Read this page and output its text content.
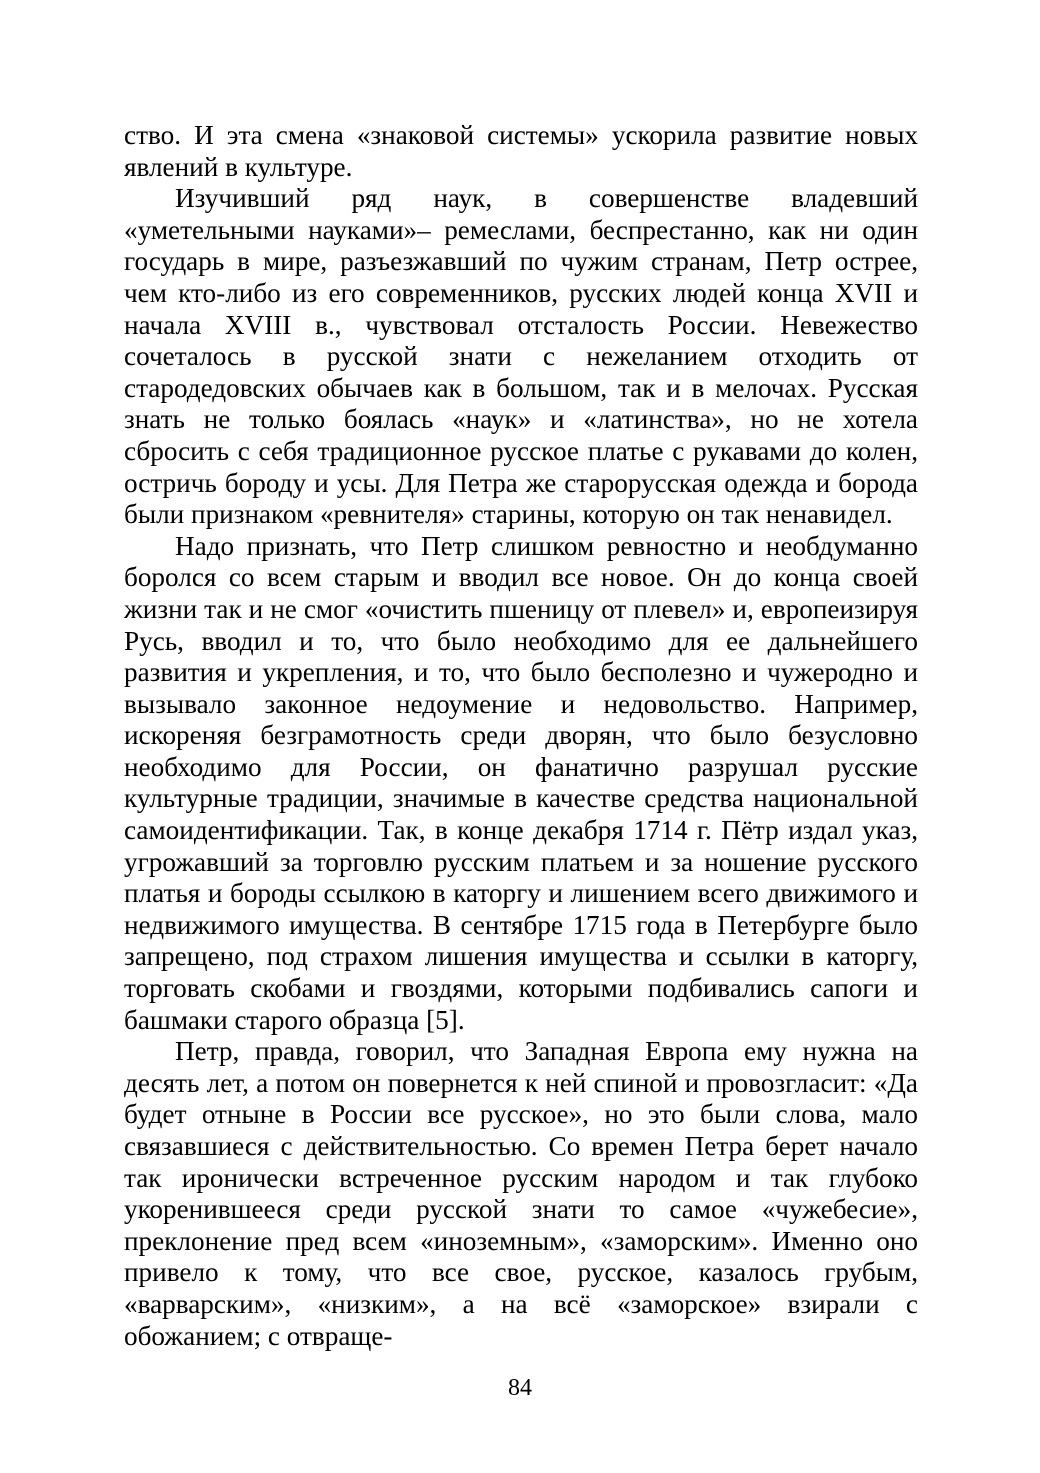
ство. И эта смена «знаковой системы» ускорила развитие новых явлений в культуре.

Изучивший ряд наук, в совершенстве владевший «уметельными науками»– ремеслами, беспрестанно, как ни один государь в мире, разъезжавший по чужим странам, Петр острее, чем кто-либо из его современников, русских людей конца XVII и начала XVIII в., чувствовал отсталость России. Невежество сочеталось в русской знати с нежеланием отходить от стародедовских обычаев как в большом, так и в мелочах. Русская знать не только боялась «наук» и «латинства», но не хотела сбросить с себя традиционное русское платье с рукавами до колен, остричь бороду и усы. Для Петра же старорусская одежда и борода были признаком «ревнителя» старины, которую он так ненавидел.

Надо признать, что Петр слишком ревностно и необдуманно боролся со всем старым и вводил все новое. Он до конца своей жизни так и не смог «очистить пшеницу от плевел» и, европеизируя Русь, вводил и то, что было необходимо для ее дальнейшего развития и укрепления, и то, что было бесполезно и чужеродно и вызывало законное недоумение и недовольство. Например, искореняя безграмотность среди дворян, что было безусловно необходимо для России, он фанатично разрушал русские культурные традиции, значимые в качестве средства национальной самоидентификации. Так, в конце декабря 1714 г. Пётр издал указ, угрожавший за торговлю русским платьем и за ношение русского платья и бороды ссылкою в каторгу и лишением всего движимого и недвижимого имущества. В сентябре 1715 года в Петербурге было запрещено, под страхом лишения имущества и ссылки в каторгу, торговать скобами и гвоздями, которыми подбивались сапоги и башмаки старого образца [5].

Петр, правда, говорил, что Западная Европа ему нужна на десять лет, а потом он повернется к ней спиной и провозгласит: «Да будет отныне в России все русское», но это были слова, мало связавшиеся с действительностью. Со времен Петра берет начало так иронически встреченное русским народом и так глубоко укоренившееся среди русской знати то самое «чужебесие», преклонение пред всем «иноземным», «заморским». Именно оно привело к тому, что все свое, русское, казалось грубым, «варварским», «низким», а на всё «заморское» взирали с обожанием; с отвраще-

84
